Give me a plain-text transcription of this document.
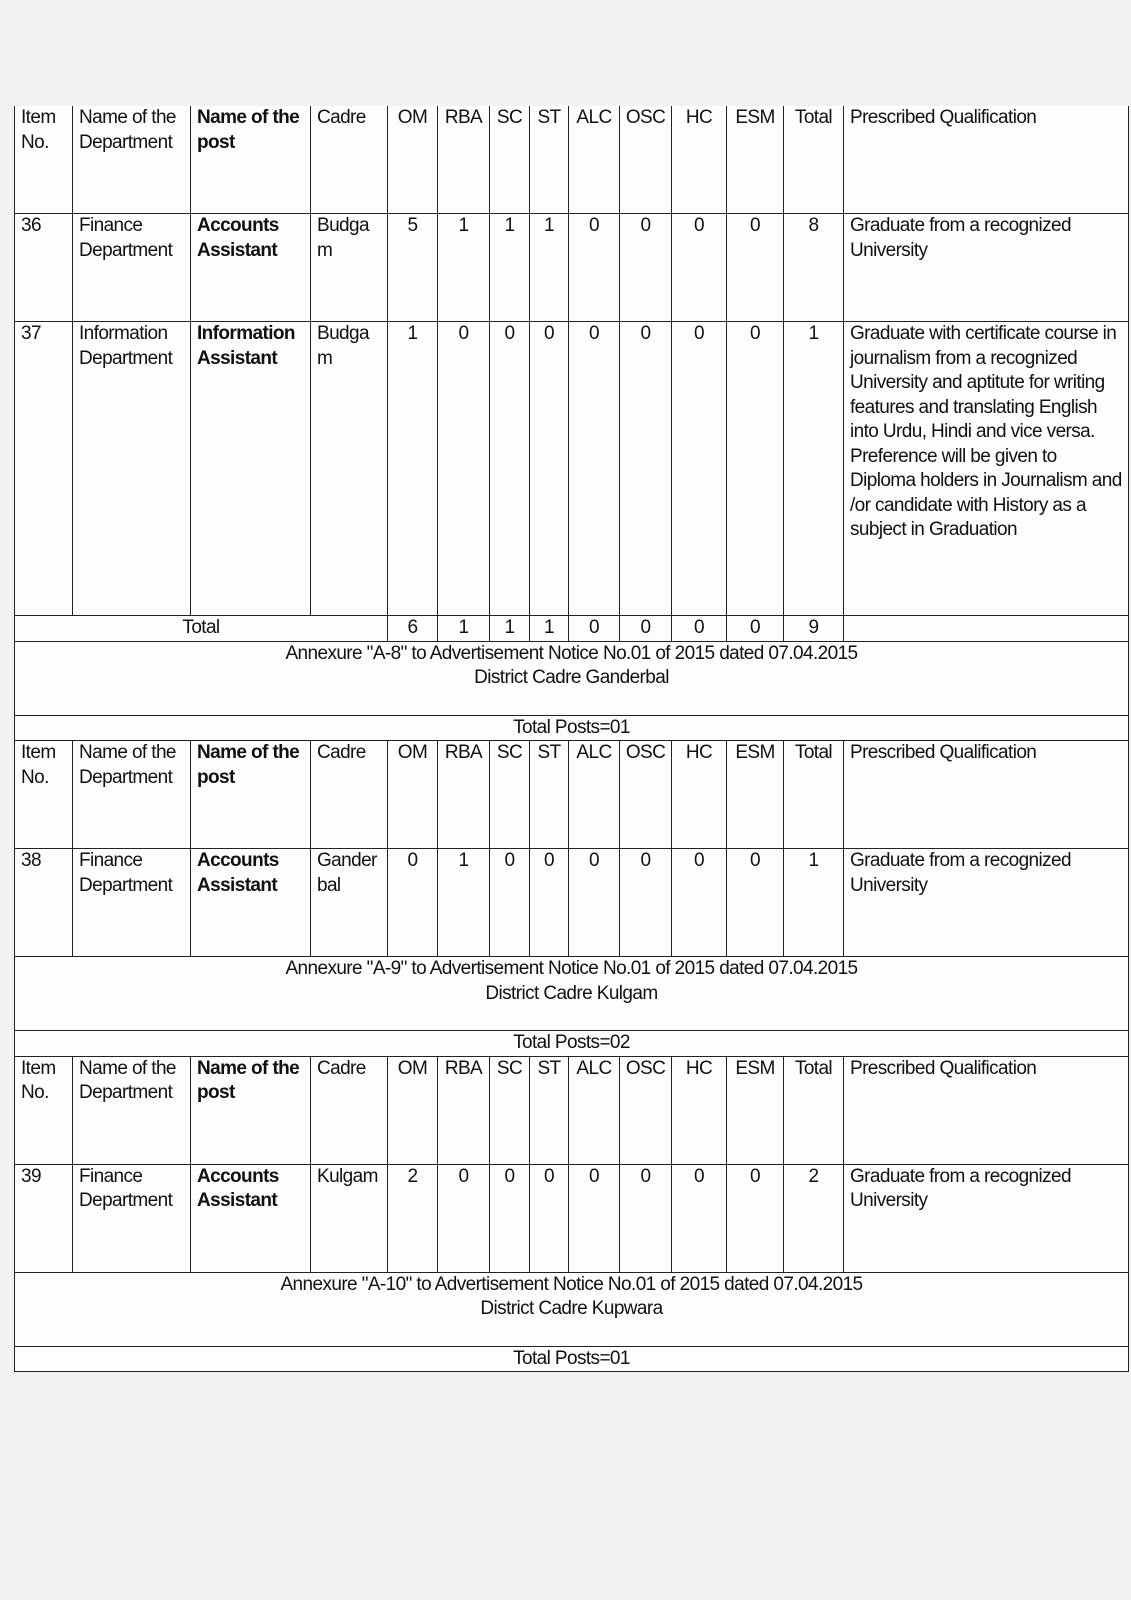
Item No.	Name of the Department	Name of the post	Cadre	OM	RBA	SC	ST	ALC	OSC	HC	ESM	Total	Prescribed Qualification
36	Finance Department	Accounts Assistant	Budgam	5	1	1	1	0	0	0	0	8	Graduate from a recognized University
37	Information Department	Information Assistant	Budgam	1	0	0	0	0	0	0	0	1	Graduate with certificate course in journalism from a recognized University and aptitute for writing features and translating English into Urdu, Hindi and vice versa. Preference will be given to Diploma holders in Journalism and /or candidate with History as a subject in Graduation
Total				6	1	1	1	0	0	0	0	9	

Annexure "A-8" to Advertisement Notice No.01 of 2015 dated 07.04.2015
District Cadre Ganderbal													

Total Posts=01													
Item No.	Name of the Department	Name of the post	Cadre	OM	RBA	SC	ST	ALC	OSC	HC	ESM	Total	Prescribed Qualification
38	Finance Department	Accounts Assistant	Ganderbal	0	1	0	0	0	0	0	0	1	Graduate from a recognized University

Annexure "A-9" to Advertisement Notice No.01 of 2015 dated 07.04.2015
District Cadre Kulgam													

Total Posts=02													
Item No.	Name of the Department	Name of the post	Cadre	OM	RBA	SC	ST	ALC	OSC	HC	ESM	Total	Prescribed Qualification
39	Finance Department	Accounts Assistant	Kulgam	2	0	0	0	0	0	0	0	2	Graduate from a recognized University

Annexure "A-10" to Advertisement Notice No.01 of 2015 dated 07.04.2015
District Cadre Kupwara													

Total Posts=01													
